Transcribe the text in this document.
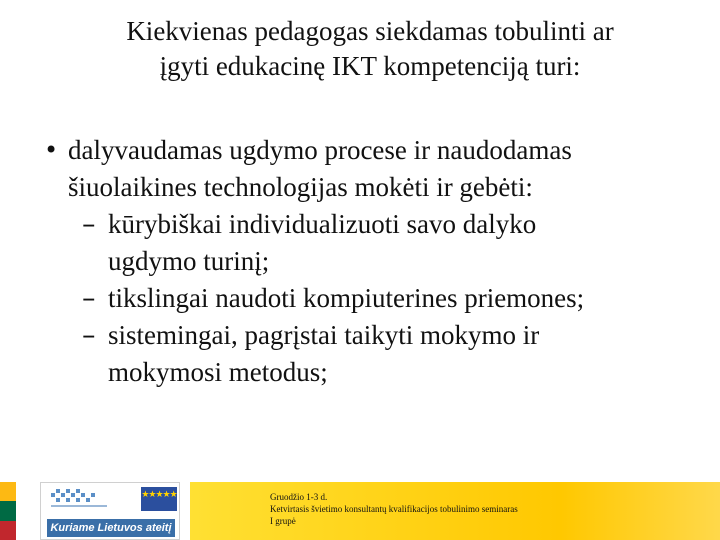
Kiekvienas pedagogas siekdamas tobulinti ar
įgyti edukacinę IKT kompetenciją turi:
• dalyvaudamas ugdymo procese ir naudodamas
šiuolaikines technologijas mokėti ir gebėti:
– kūrybiškai individualizuoti savo dalyko
ugdymo turinį;
– tikslingai naudoti kompiuterines priemones;
– sistemingai, pagrįstai taikyti mokymo ir
mokymosi metodus;
★★★★★
Kuriame Lietuvos ateitį
Gruodžio 1-3 d.
Ketvirtasis švietimo konsultantų kvalifikacijos tobulinimo seminaras
I grupė
